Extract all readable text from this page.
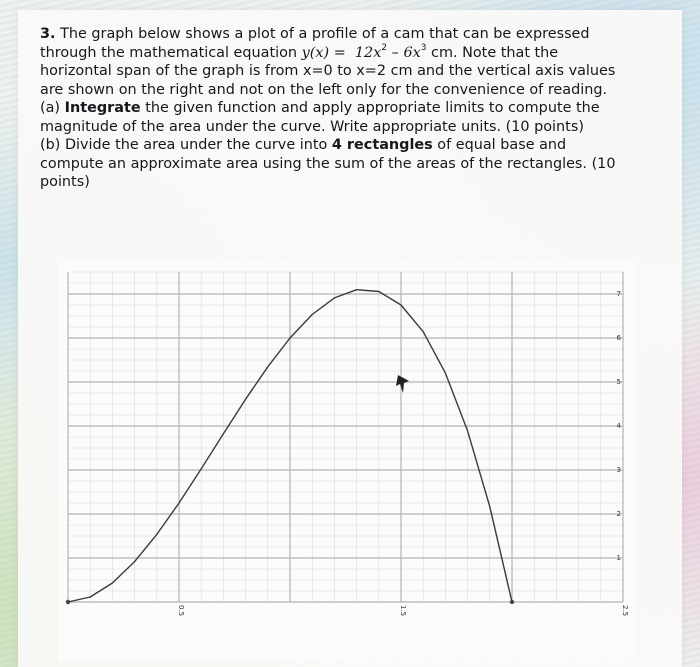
3. The graph below shows a plot of a profile of a cam that can be expressed
through the mathematical equation $y(x) = 12x^2 - 6x^3$ cm. Note that the
horizontal span of the graph is from x=0 to x=2 cm and the vertical axis values
are shown on the right and not on the left only for the convenience of reading.
(a) Integrate the given function and apply appropriate limits to compute the
magnitude of the area under the curve. Write appropriate units. (10 points)
(b) Divide the area under the curve into 4 rectangles of equal base and
compute an approximate area using the sum of the areas of the rectangles. (10
points)

1
2
3
4
5
6
7
0.5	1.5	2.5
